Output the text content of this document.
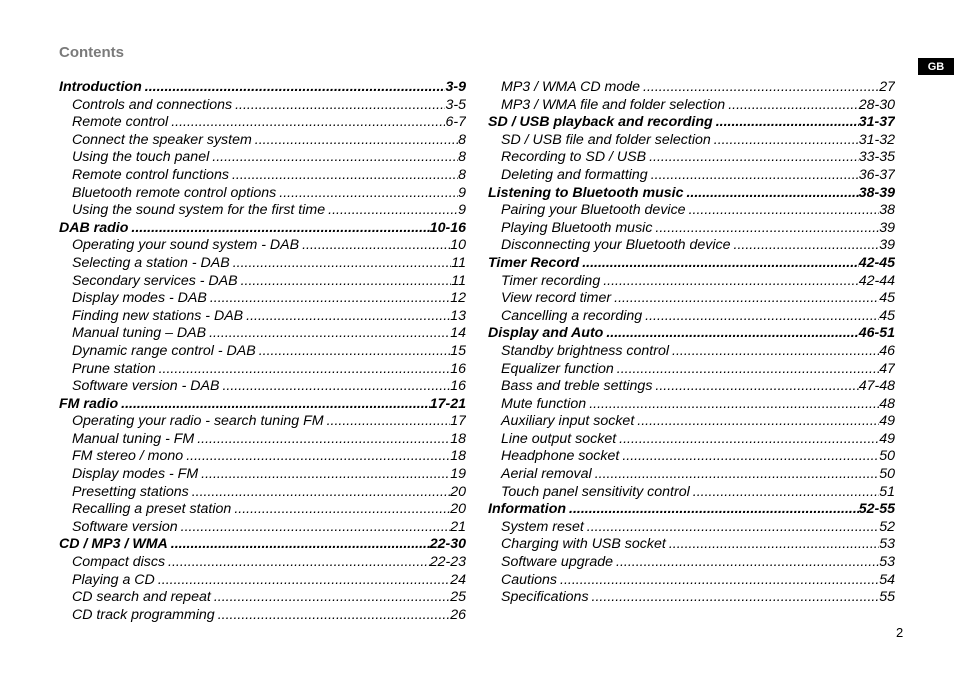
Contents
GB
Introduction .....	3-9
Controls and connections .....	3-5
Remote control .....	6-7
Connect the speaker system .....	8
Using the touch panel .....	8
Remote control functions .....	8
Bluetooth remote control options .....	9
Using the sound system for the first time .....	9
DAB radio .....	10-16
Operating your sound system - DAB .....	10
Selecting a station - DAB .....	11
Secondary services - DAB .....	11
Display modes - DAB .....	12
Finding new stations - DAB .....	13
Manual tuning – DAB .....	14
Dynamic range control - DAB .....	15
Prune station .....	16
Software version - DAB .....	16
FM radio .....	17-21
Operating your radio - search tuning FM .....	17
Manual tuning - FM .....	18
FM stereo / mono .....	18
Display modes - FM .....	19
Presetting stations .....	20
Recalling a preset station .....	20
Software version .....	21
CD / MP3 / WMA .....	22-30
Compact discs .....	22-23
Playing a CD .....	24
CD search and repeat .....	25
CD track programming .....	26
MP3 / WMA CD mode .....	27
MP3 / WMA file and folder selection .....	28-30
SD / USB playback and recording .....	31-37
SD / USB file and folder selection .....	31-32
Recording to SD / USB .....	33-35
Deleting and formatting .....	36-37
Listening to Bluetooth music .....	38-39
Pairing your Bluetooth device .....	38
Playing Bluetooth music .....	39
Disconnecting your Bluetooth device .....	39
Timer Record .....	42-45
Timer recording .....	42-44
View record timer .....	45
Cancelling a recording .....	45
Display and Auto .....	46-51
Standby brightness control .....	46
Equalizer function .....	47
Bass and treble settings .....	47-48
Mute function .....	48
Auxiliary input socket .....	49
Line output socket .....	49
Headphone socket .....	50
Aerial removal .....	50
Touch panel sensitivity control .....	51
Information .....	52-55
System reset .....	52
Charging with USB socket .....	53
Software upgrade .....	53
Cautions .....	54
Specifications .....	55
2
